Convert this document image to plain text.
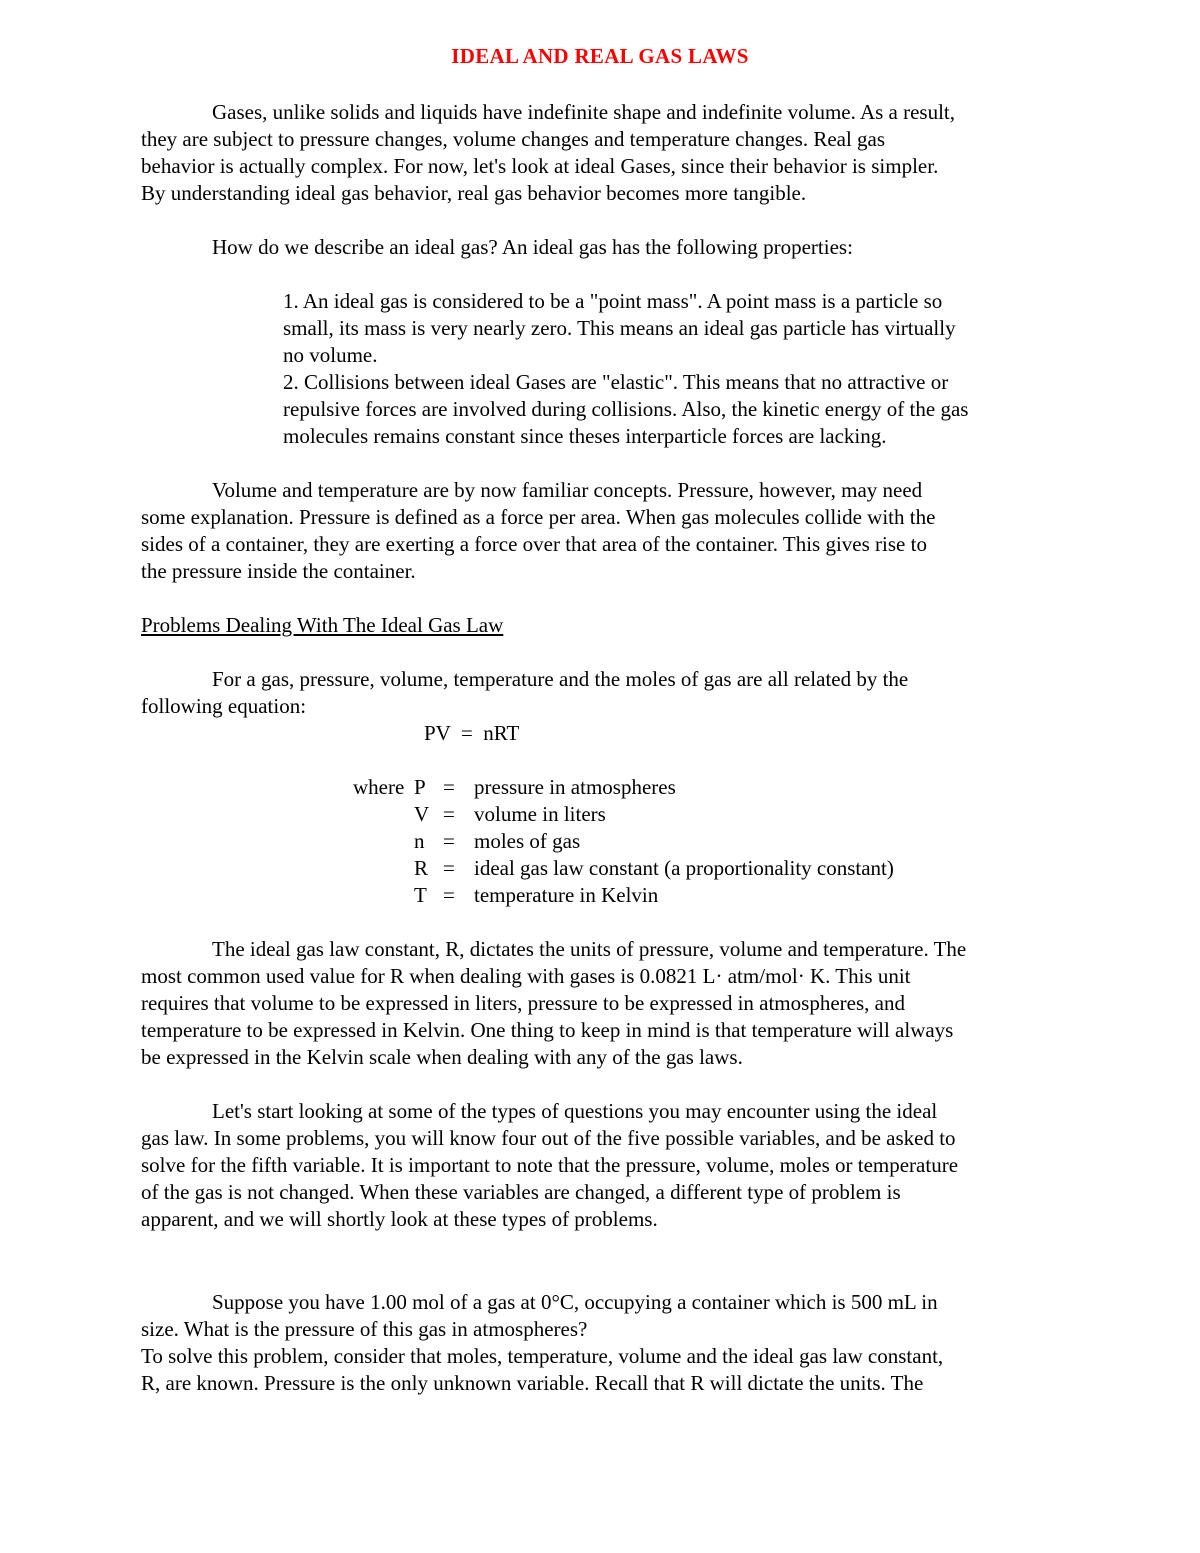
IDEAL AND REAL GAS LAWS
Gases, unlike solids and liquids have indefinite shape and indefinite volume. As a result,
they are subject to pressure changes, volume changes and temperature changes. Real gas
behavior is actually complex. For now, let's look at ideal Gases, since their behavior is simpler.
By understanding ideal gas behavior, real gas behavior becomes more tangible.
How do we describe an ideal gas? An ideal gas has the following properties:
1. An ideal gas is considered to be a "point mass". A point mass is a particle so
small, its mass is very nearly zero. This means an ideal gas particle has virtually
no volume.
2. Collisions between ideal Gases are "elastic". This means that no attractive or
repulsive forces are involved during collisions. Also, the kinetic energy of the gas
molecules remains constant since theses interparticle forces are lacking.
Volume and temperature are by now familiar concepts. Pressure, however, may need
some explanation. Pressure is defined as a force per area. When gas molecules collide with the
sides of a container, they are exerting a force over that area of the container. This gives rise to
the pressure inside the container.
Problems Dealing With The Ideal Gas Law
For a gas, pressure, volume, temperature and the moles of gas are all related by the
following equation:
PV  =  nRT
where P = pressure in atmospheres
V = volume in liters
n = moles of gas
R = ideal gas law constant (a proportionality constant)
T = temperature in Kelvin
The ideal gas law constant, R, dictates the units of pressure, volume and temperature. The
most common used value for R when dealing with gases is 0.0821 L· atm/mol· K. This unit
requires that volume to be expressed in liters, pressure to be expressed in atmospheres, and
temperature to be expressed in Kelvin. One thing to keep in mind is that temperature will always
be expressed in the Kelvin scale when dealing with any of the gas laws.
Let's start looking at some of the types of questions you may encounter using the ideal
gas law. In some problems, you will know four out of the five possible variables, and be asked to
solve for the fifth variable. It is important to note that the pressure, volume, moles or temperature
of the gas is not changed. When these variables are changed, a different type of problem is
apparent, and we will shortly look at these types of problems.
Suppose you have 1.00 mol of a gas at 0°C, occupying a container which is 500 mL in
size. What is the pressure of this gas in atmospheres?
To solve this problem, consider that moles, temperature, volume and the ideal gas law constant,
R, are known. Pressure is the only unknown variable. Recall that R will dictate the units. The
